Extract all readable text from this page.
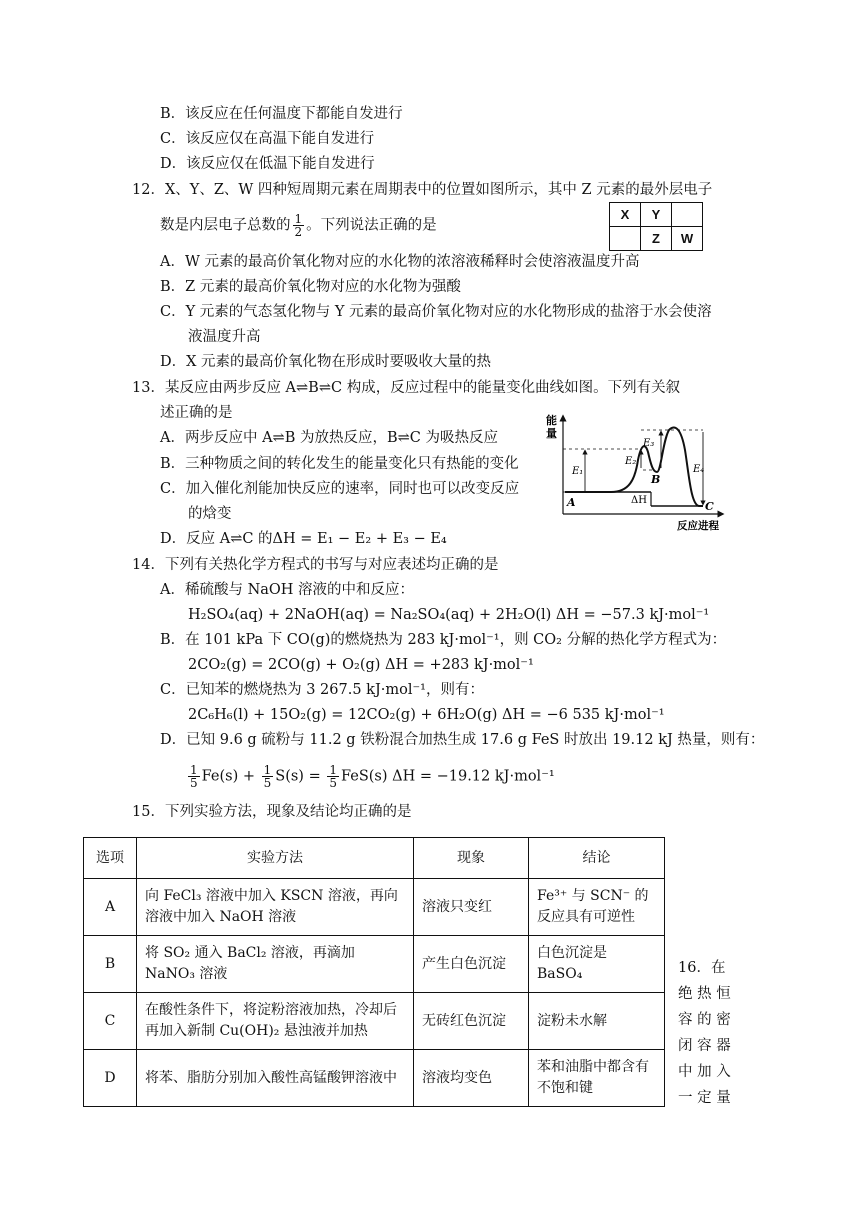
B．该反应在任何温度下都能自发进行
C．该反应仅在高温下能自发进行
D．该反应仅在低温下能自发进行
12．X、Y、Z、W 四种短周期元素在周期表中的位置如图所示，其中 Z 元素的最外层电子
数是内层电子总数的 $\frac{1}{2}$ 。下列说法正确的是
X	Y	
	Z	W
A．W 元素的最高价氧化物对应的水化物的浓溶液稀释时会使溶液温度升高
B．Z 元素的最高价氧化物对应的水化物为强酸
C．Y 元素的气态氢化物与 Y 元素的最高价氧化物对应的水化物形成的盐溶于水会使溶
液温度升高
D．X 元素的最高价氧化物在形成时要吸收大量的热
13．某反应由两步反应 A⇌B⇌C 构成，反应过程中的能量变化曲线如图。下列有关叙
述正确的是
A．两步反应中 A⇌B 为放热反应，B⇌C 为吸热反应
B．三种物质之间的转化发生的能量变化只有热能的变化
C．加入催化剂能加快反应的速率，同时也可以改变反应
的焓变
D．反应 A⇌C 的ΔH = E₁ − E₂ + E₃ − E₄
能
量
反应进程
A
B
C
E₁
E₂
E₃
E₄
ΔH
14．下列有关热化学方程式的书写与对应表述均正确的是
A．稀硫酸与 NaOH 溶液的中和反应：
H₂SO₄(aq) + 2NaOH(aq) = Na₂SO₄(aq) + 2H₂O(l) ΔH = −57.3 kJ·mol⁻¹
B．在 101 kPa 下 CO(g)的燃烧热为 283 kJ·mol⁻¹，则 CO₂ 分解的热化学方程式为：
2CO₂(g) = 2CO(g) + O₂(g) ΔH = +283 kJ·mol⁻¹
C．已知苯的燃烧热为 3 267.5 kJ·mol⁻¹，则有：
2C₆H₆(l) + 15O₂(g) = 12CO₂(g) + 6H₂O(g) ΔH = −6 535 kJ·mol⁻¹
D．已知 9.6 g 硫粉与 11.2 g 铁粉混合加热生成 17.6 g FeS 时放出 19.12 kJ 热量，则有：
$\frac{1}{5} Fe(s) + \frac{1}{5} S(s) = \frac{1}{5} FeS(s) \Delta H = -19.12$ kJ·mol⁻¹
15．下列实验方法，现象及结论均正确的是
选项	实验方法	现象	结论
A	向 FeCl₃ 溶液中加入 KSCN 溶液，再向溶液中加入 NaOH 溶液	溶液只变红	Fe³⁺ 与 SCN⁻ 的反应具有可逆性
B	将 SO₂ 通入 BaCl₂ 溶液，再滴加 NaNO₃ 溶液	产生白色沉淀	白色沉淀是 BaSO₄
C	在酸性条件下，将淀粉溶液加热，冷却后再加入新制 Cu(OH)₂ 悬浊液并加热	无砖红色沉淀	淀粉未水解
D	将苯、脂肪分别加入酸性高锰酸钾溶液中	溶液均变色	苯和油脂中都含有不饱和键
16．在
绝 热 恒
容 的 密
闭 容 器
中 加 入
一 定 量
